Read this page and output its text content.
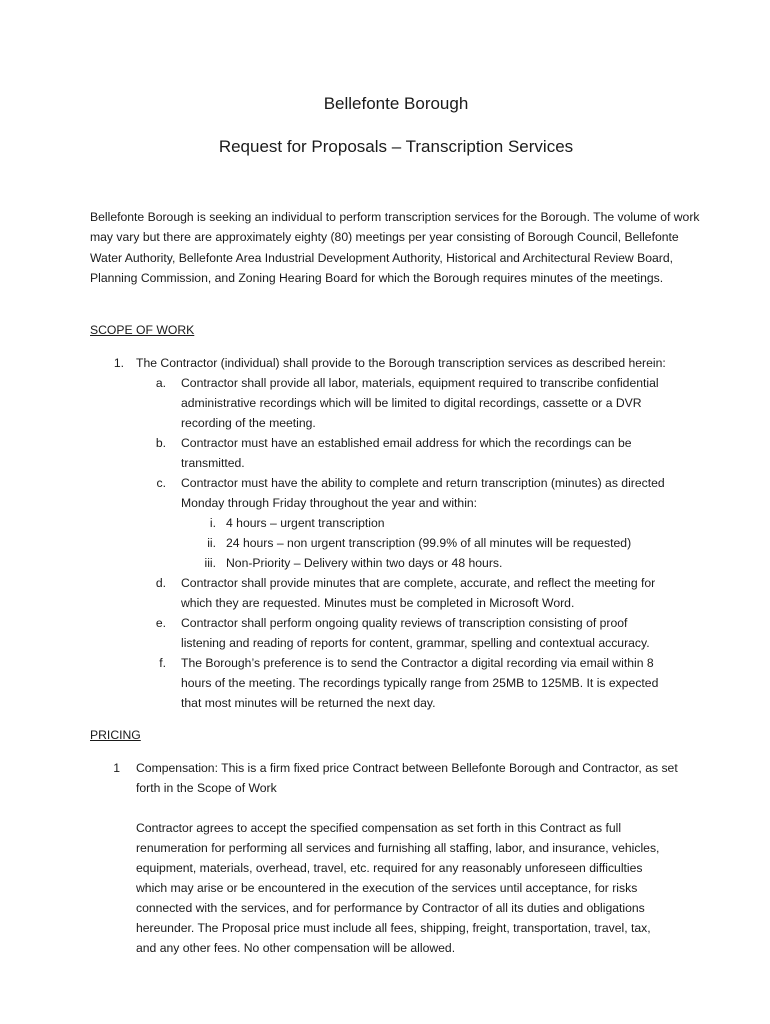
Bellefonte Borough
Request for Proposals – Transcription Services
Bellefonte Borough is seeking an individual to perform transcription services for the Borough. The volume of work may vary but there are approximately eighty (80) meetings per year consisting of Borough Council, Bellefonte Water Authority, Bellefonte Area Industrial Development Authority, Historical and Architectural Review Board, Planning Commission, and Zoning Hearing Board for which the Borough requires minutes of the meetings.
SCOPE OF WORK
1. The Contractor (individual) shall provide to the Borough transcription services as described herein:
a. Contractor shall provide all labor, materials, equipment required to transcribe confidential
administrative recordings which will be limited to digital recordings, cassette or a DVR
recording of the meeting.
b. Contractor must have an established email address for which the recordings can be
transmitted.
c. Contractor must have the ability to complete and return transcription (minutes) as directed
Monday through Friday throughout the year and within:
i. 4 hours – urgent transcription
ii. 24 hours – non urgent transcription (99.9% of all minutes will be requested)
iii. Non-Priority – Delivery within two days or 48 hours.
d. Contractor shall provide minutes that are complete, accurate, and reflect the meeting for
which they are requested. Minutes must be completed in Microsoft Word.
e. Contractor shall perform ongoing quality reviews of transcription consisting of proof
listening and reading of reports for content, grammar, spelling and contextual accuracy.
f. The Borough’s preference is to send the Contractor a digital recording via email within 8
hours of the meeting. The recordings typically range from 25MB to 125MB. It is expected
that most minutes will be returned the next day.
PRICING
1 Compensation: This is a firm fixed price Contract between Bellefonte Borough and Contractor, as set
forth in the Scope of Work
Contractor agrees to accept the specified compensation as set forth in this Contract as full
renumeration for performing all services and furnishing all staffing, labor, and insurance, vehicles,
equipment, materials, overhead, travel, etc. required for any reasonably unforeseen difficulties
which may arise or be encountered in the execution of the services until acceptance, for risks
connected with the services, and for performance by Contractor of all its duties and obligations
hereunder. The Proposal price must include all fees, shipping, freight, transportation, travel, tax,
and any other fees. No other compensation will be allowed.
